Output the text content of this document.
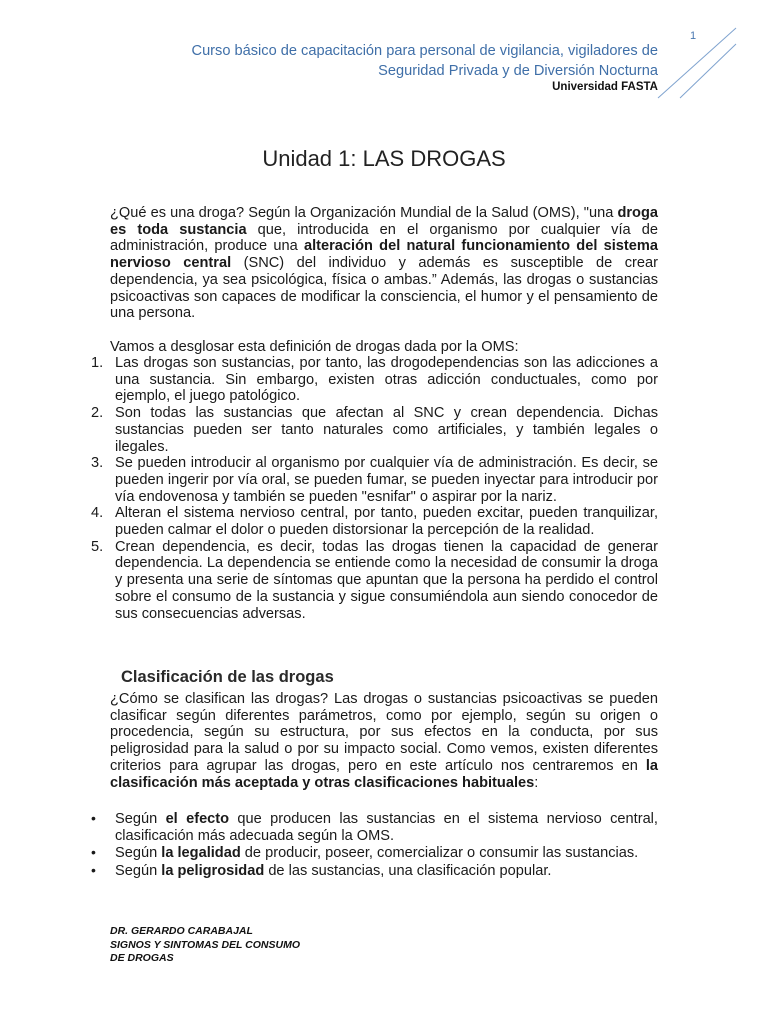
1
Curso básico de capacitación para personal de vigilancia, vigiladores de
Seguridad Privada y de Diversión Nocturna
Universidad FASTA
Unidad 1: LAS DROGAS

¿Qué es una droga? Según la Organización Mundial de la Salud (OMS), "una droga es toda sustancia que, introducida en el organismo por cualquier vía de administración, produce una alteración del natural funcionamiento del sistema nervioso central (SNC) del individuo y además es susceptible de crear dependencia, ya sea psicológica, física o ambas.” Además, las drogas o sustancias psicoactivas son capaces de modificar la consciencia, el humor y el pensamiento de una persona.

Vamos a desglosar esta definición de drogas dada por la OMS:

1. Las drogas son sustancias, por tanto, las drogodependencias son las adicciones a una sustancia. Sin embargo, existen otras adicción conductuales, como por ejemplo, el juego patológico.
2. Son todas las sustancias que afectan al SNC y crean dependencia. Dichas sustancias pueden ser tanto naturales como artificiales, y también legales o ilegales.
3. Se pueden introducir al organismo por cualquier vía de administración. Es decir, se pueden ingerir por vía oral, se pueden fumar, se pueden inyectar para introducir por vía endovenosa y también se pueden "esnifar" o aspirar por la nariz.
4. Alteran el sistema nervioso central, por tanto, pueden excitar, pueden tranquilizar, pueden calmar el dolor o pueden distorsionar la percepción de la realidad.
5. Crean dependencia, es decir, todas las drogas tienen la capacidad de generar dependencia. La dependencia se entiende como la necesidad de consumir la droga y presenta una serie de síntomas que apuntan que la persona ha perdido el control sobre el consumo de la sustancia y sigue consumiéndola aun siendo conocedor de sus consecuencias adversas.
Clasificación de las drogas

¿Cómo se clasifican las drogas? Las drogas o sustancias psicoactivas se pueden clasificar según diferentes parámetros, como por ejemplo, según su origen o procedencia, según su estructura, por sus efectos en la conducta, por sus peligrosidad para la salud o por su impacto social. Como vemos, existen diferentes criterios para agrupar las drogas, pero en este artículo nos centraremos en la clasificación más aceptada y otras clasificaciones habituales:

• Según el efecto que producen las sustancias en el sistema nervioso central, clasificación más adecuada según la OMS.
• Según la legalidad de producir, poseer, comercializar o consumir las sustancias.
• Según la peligrosidad de las sustancias, una clasificación popular.
DR. GERARDO CARABAJAL
SIGNOS Y SINTOMAS DEL CONSUMO
DE DROGAS
